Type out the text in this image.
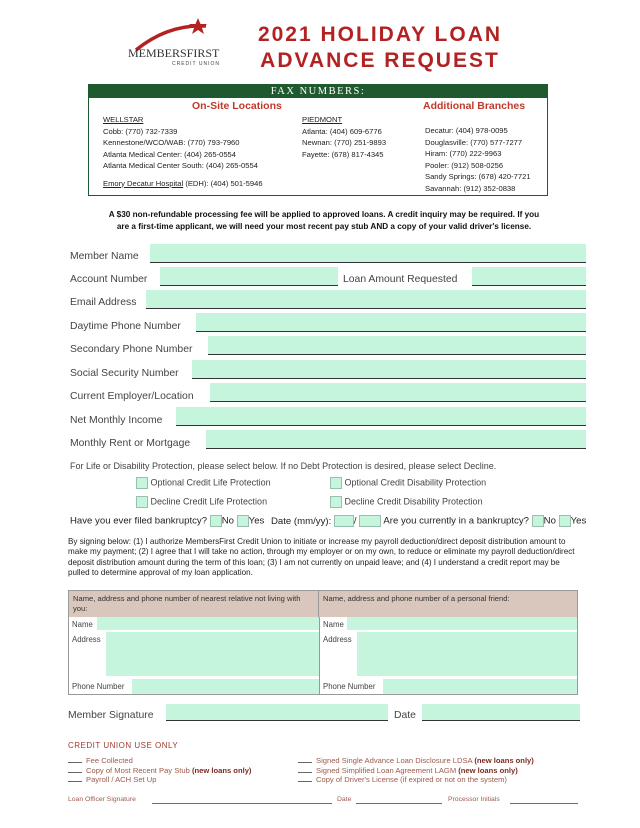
MEMBERSFIRST
CREDIT UNION
2021 HOLIDAY LOAN
ADVANCE REQUEST
FAX NUMBERS:
On-Site Locations	Additional Branches
WELLSTAR
Cobb: (770) 732-7339
Kennestone/WCO/WAB: (770) 793-7960
Atlanta Medical Center: (404) 265-0554
Atlanta Medical Center South: (404) 265-0554
Emory Decatur Hospital (EDH): (404) 501-5946
PIEDMONT
Atlanta: (404) 609-6776
Newnan: (770) 251-9893
Fayette: (678) 817-4345
Decatur: (404) 978-0095
Douglasville: (770) 577-7277
Hiram: (770) 222-9963
Pooler: (912) 508-0256
Sandy Springs: (678) 420-7721
Savannah: (912) 352-0838
A $30 non-refundable processing fee will be applied to approved loans. A credit inquiry may be required. If you
are a first-time applicant, we will need your most recent pay stub AND a copy of your valid driver's license.
Member Name
Account Number	Loan Amount Requested
Email Address
Daytime Phone Number
Secondary Phone Number
Social Security Number
Current Employer/Location
Net Monthly Income
Monthly Rent or Mortgage
For Life or Disability Protection, please select below. If no Debt Protection is desired, please select Decline.
Optional Credit Life Protection	Optional Credit Disability Protection
Decline Credit Life Protection	Decline Credit Disability Protection
Have you ever filed bankruptcy? No Yes Date (mm/yy): /	Are you currently in a bankruptcy? No Yes
By signing below: (1) I authorize MembersFirst Credit Union to initiate or increase my payroll deduction/direct deposit distribution amount to make my payment; (2) I agree that I will take no action, through my employer or on my own, to reduce or eliminate my payroll deduction/direct deposit distribution amount during the term of this loan; (3) I am not currently on unpaid leave; and (4) I understand a credit report may be pulled to determine approval of my loan application.
Name, address and phone number of nearest relative not living with you:
Name, address and phone number of a personal friend:
Name	Name
Address	Address
Phone Number	Phone Number
Member Signature	Date
CREDIT UNION USE ONLY
Fee Collected
Copy of Most Recent Pay Stub (new loans only)
Payroll / ACH Set Up
Signed Single Advance Loan Disclosure LDSA (new loans only)
Signed Simplified Loan Agreement LAGM (new loans only)
Copy of Driver's License (if expired or not on the system)
Loan Officer Signature	Date	Processor Initials
